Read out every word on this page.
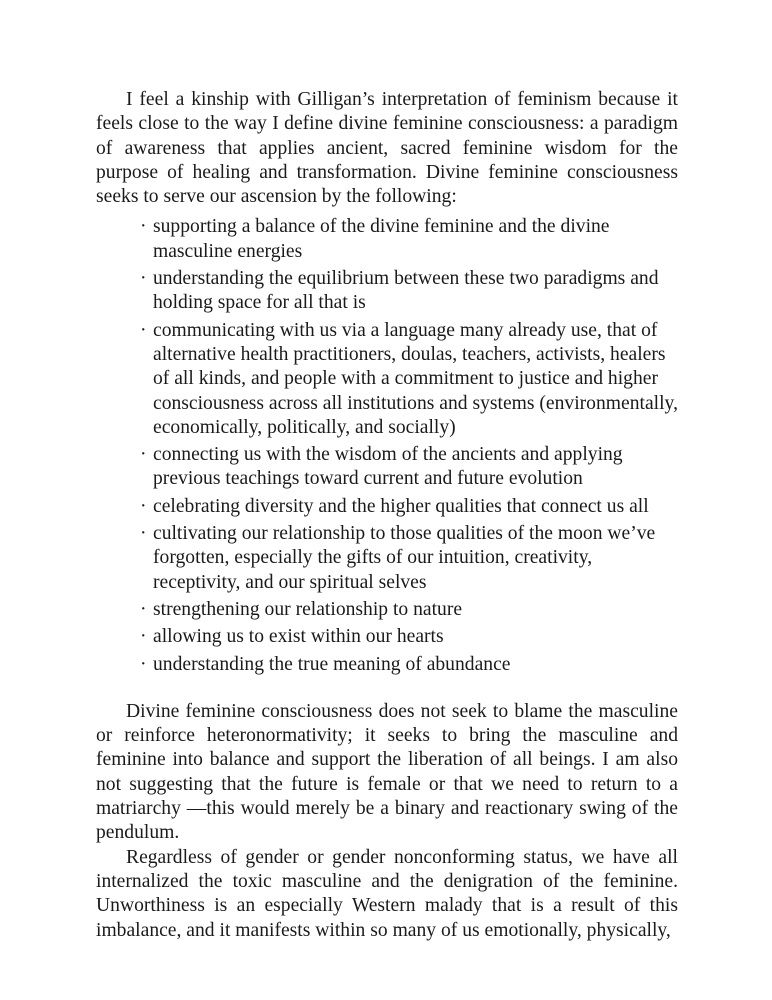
I feel a kinship with Gilligan’s interpretation of feminism because it feels close to the way I define divine feminine consciousness: a paradigm of awareness that applies ancient, sacred feminine wisdom for the purpose of healing and transformation. Divine feminine consciousness seeks to serve our ascension by the following:

· supporting a balance of the divine feminine and the divine masculine energies
· understanding the equilibrium between these two paradigms and holding space for all that is
· communicating with us via a language many already use, that of alternative health practitioners, doulas, teachers, activists, healers of all kinds, and people with a commitment to justice and higher consciousness across all institutions and systems (environmentally, economically, politically, and socially)
· connecting us with the wisdom of the ancients and applying previous teachings toward current and future evolution
· celebrating diversity and the higher qualities that connect us all
· cultivating our relationship to those qualities of the moon we’ve forgotten, especially the gifts of our intuition, creativity, receptivity, and our spiritual selves
· strengthening our relationship to nature
· allowing us to exist within our hearts
· understanding the true meaning of abundance

Divine feminine consciousness does not seek to blame the masculine or reinforce heteronormativity; it seeks to bring the masculine and feminine into balance and support the liberation of all beings. I am also not suggesting that the future is female or that we need to return to a matriarchy —this would merely be a binary and reactionary swing of the pendulum.

Regardless of gender or gender nonconforming status, we have all internalized the toxic masculine and the denigration of the feminine. Unworthiness is an especially Western malady that is a result of this imbalance, and it manifests within so many of us emotionally, physically,
